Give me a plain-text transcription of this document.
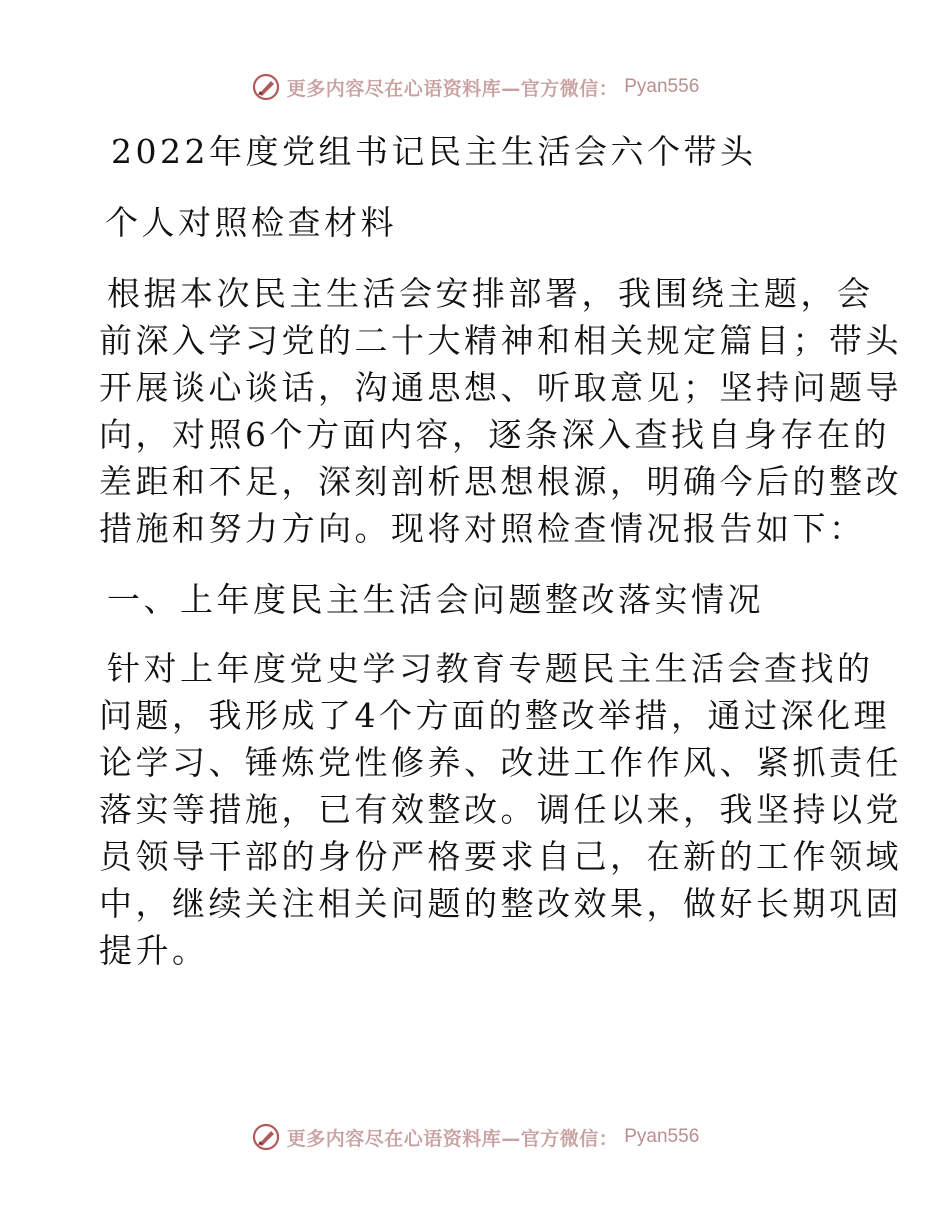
更多内容尽在心语资料库—官方微信： Pyan556
2022年度党组书记民主生活会六个带头
个人对照检查材料
根据本次民主生活会安排部署，我围绕主题，会
前深入学习党的二十大精神和相关规定篇目；带头
开展谈心谈话，沟通思想、听取意见；坚持问题导
向，对照6个方面内容，逐条深入查找自身存在的
差距和不足，深刻剖析思想根源，明确今后的整改
措施和努力方向。现将对照检查情况报告如下：
一、上年度民主生活会问题整改落实情况
针对上年度党史学习教育专题民主生活会查找的
问题，我形成了4个方面的整改举措，通过深化理
论学习、锤炼党性修养、改进工作作风、紧抓责任
落实等措施，已有效整改。调任以来，我坚持以党
员领导干部的身份严格要求自己，在新的工作领域
中，继续关注相关问题的整改效果，做好长期巩固
提升。
更多内容尽在心语资料库—官方微信： Pyan556
